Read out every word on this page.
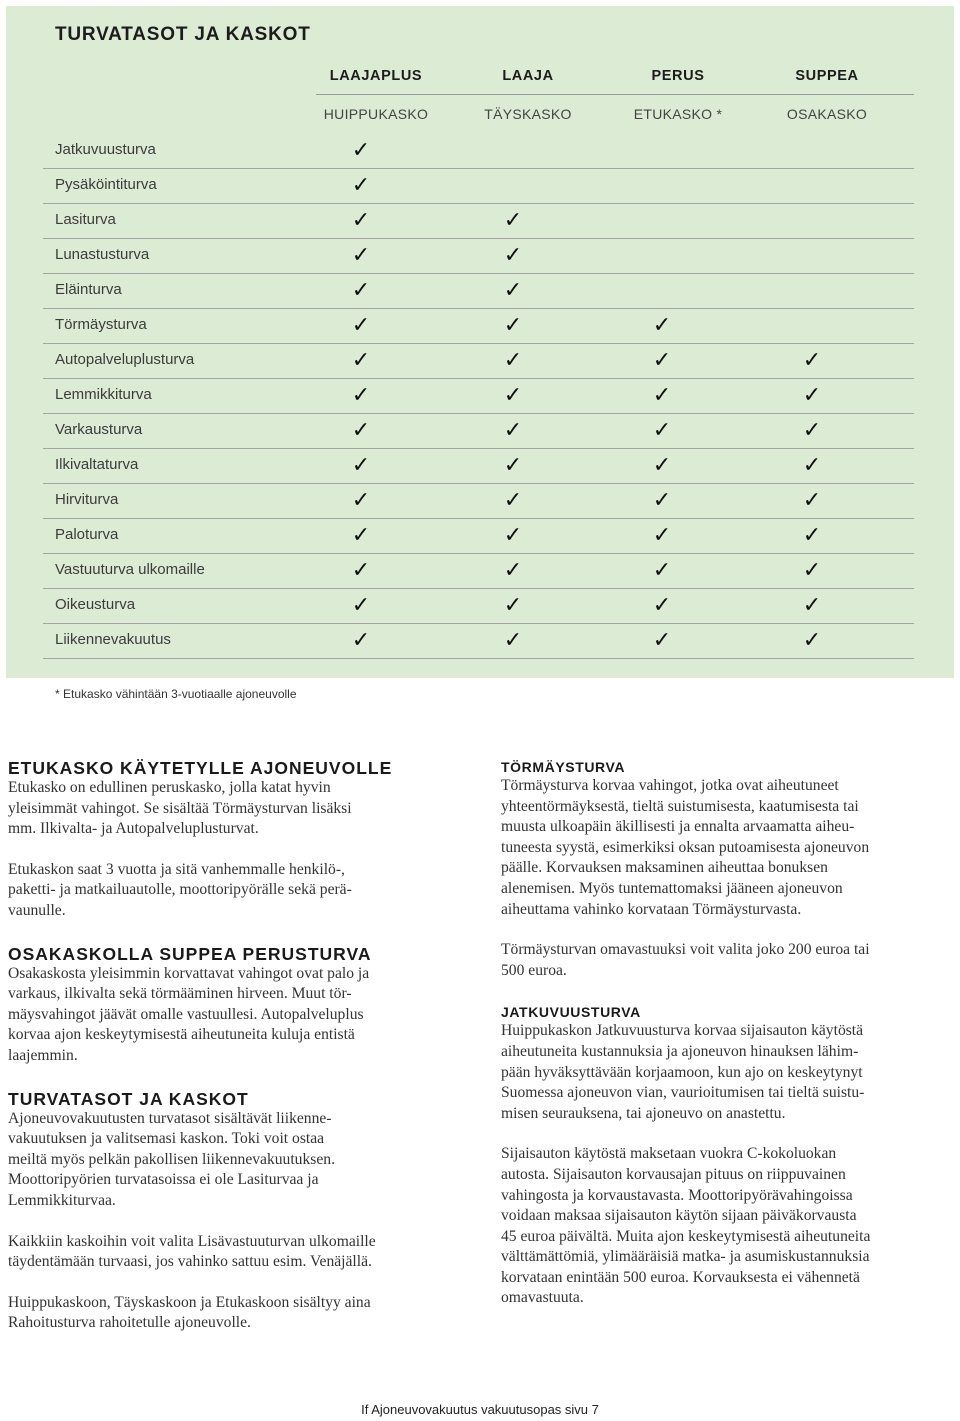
TURVATASOT JA KASKOT
LAAJAPLUS	LAAJA	PERUS	SUPPEA
HUIPPUKASKO	TÄYSKASKO	ETUKASKO *	OSAKASKO
Jatkuvuusturva	✓
Pysäköintiturva	✓
Lasiturva	✓	✓
Lunastusturva	✓	✓
Eläinturva	✓	✓
Törmäysturva	✓	✓	✓
Autopalveluplusturva	✓	✓	✓	✓
Lemmikkiturva	✓	✓	✓	✓
Varkausturva	✓	✓	✓	✓
Ilkivaltaturva	✓	✓	✓	✓
Hirviturva	✓	✓	✓	✓
Paloturva	✓	✓	✓	✓
Vastuuturva ulkomaille	✓	✓	✓	✓
Oikeusturva	✓	✓	✓	✓
Liikennevakuutus	✓	✓	✓	✓
* Etukasko vähintään 3-vuotiaalle ajoneuvolle
ETUKASKO KÄYTETYLLE AJONEUVOLLE
Etukasko on edullinen peruskasko, jolla katat hyvin
yleisimmät vahingot. Se sisältää Törmäysturvan lisäksi
mm. Ilkivalta- ja Autopalveluplusturvat.
Etukaskon saat 3 vuotta ja sitä vanhemmalle henkilö-,
paketti- ja matkailuautolle, moottoripyörälle sekä perä-
vaunulle.
OSAKASKOLLA SUPPEA PERUSTURVA
Osakaskosta yleisimmin korvattavat vahingot ovat palo ja
varkaus, ilkivalta sekä törmääminen hirveen. Muut tör-
mäysvahingot jäävät omalle vastuullesi. Autopalveluplus
korvaa ajon keskeytymisestä aiheutuneita kuluja entistä
laajemmin.
TURVATASOT JA KASKOT
Ajoneuvovakuutusten turvatasot sisältävät liikenne-
vakuutuksen ja valitsemasi kaskon. Toki voit ostaa
meiltä myös pelkän pakollisen liikennevakuutuksen.
Moottoripyörien turvatasoissa ei ole Lasiturvaa ja
Lemmikkiturvaa.
Kaikkiin kaskoihin voit valita Lisävastuuturvan ulkomaille
täydentämään turvaasi, jos vahinko sattuu esim. Venäjällä.
Huippukaskoon, Täyskaskoon ja Etukaskoon sisältyy aina
Rahoitusturva rahoitetulle ajoneuvolle.
TÖRMÄYSTURVA
Törmäysturva korvaa vahingot, jotka ovat aiheutuneet
yhteentörmäyksestä, tieltä suistumisesta, kaatumisesta tai
muusta ulkoapäin äkillisesti ja ennalta arvaamatta aiheu-
tuneesta syystä, esimerkiksi oksan putoamisesta ajoneuvon
päälle. Korvauksen maksaminen aiheuttaa bonuksen
alenemisen. Myös tuntemattomaksi jääneen ajoneuvon
aiheuttama vahinko korvataan Törmäysturvasta.
Törmäysturvan omavastuuksi voit valita joko 200 euroa tai
500 euroa.
JATKUVUUSTURVA
Huippukaskon Jatkuvuusturva korvaa sijaisauton käytöstä
aiheutuneita kustannuksia ja ajoneuvon hinauksen lähim-
pään hyväksyttävään korjaamoon, kun ajo on keskeytynyt
Suomessa ajoneuvon vian, vaurioitumisen tai tieltä suistu-
misen seurauksena, tai ajoneuvo on anastettu.
Sijaisauton käytöstä maksetaan vuokra C-kokoluokan
autosta. Sijaisauton korvausajan pituus on riippuvainen
vahingosta ja korvaustavasta. Moottoripyörävahingoissa
voidaan maksaa sijaisauton käytön sijaan päiväkorvausta
45 euroa päivältä. Muita ajon keskeytymisestä aiheutuneita
välttämättömiä, ylimääräisiä matka- ja asumiskustannuksia
korvataan enintään 500 euroa. Korvauksesta ei vähennetä
omavastuuta.
If Ajoneuvovakuutus vakuutusopas sivu 7
